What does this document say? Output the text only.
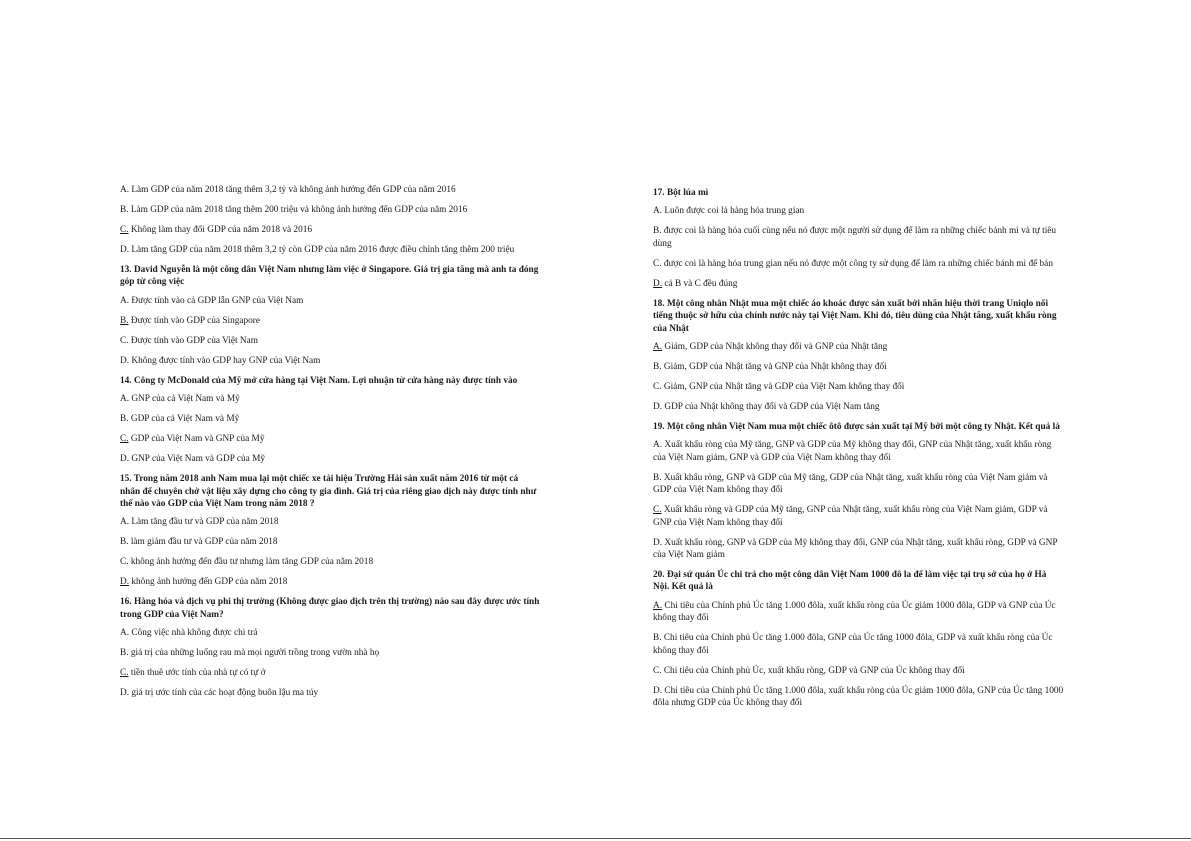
A. Làm GDP của năm 2018 tăng thêm 3,2 tỷ và không ảnh hưởng đến GDP của năm 2016

B. Làm GDP của năm 2018 tăng thêm 200 triệu và không ảnh hưởng đến GDP của năm 2016

C. Không làm thay đổi GDP của năm 2018 và 2016

D. Làm tăng GDP của năm 2018 thêm 3,2 tỷ còn GDP của năm 2016 được điều chỉnh tăng thêm 200 triệu

13. David Nguyễn là một công dân Việt Nam nhưng làm việc ở Singapore. Giá trị gia tăng mà anh ta đóng góp từ công việc

A. Được tính vào cả GDP lẫn GNP của Việt Nam

B. Được tính vào GDP của Singapore

C. Được tính vào GDP của Việt Nam

D. Không được tính vào GDP hay GNP của Việt Nam

14. Công ty McDonald của Mỹ mở cửa hàng tại Việt Nam. Lợi nhuận từ cửa hàng này được tính vào

A. GNP của cả Việt Nam và Mỹ

B. GDP của cả Việt Nam và Mỹ

C. GDP của Việt Nam và GNP của Mỹ

D. GNP của Việt Nam và GDP của Mỹ

15. Trong năm 2018 anh Nam mua lại một chiếc xe tải hiệu Trường Hải sản xuất năm 2016 từ một cá nhân để chuyên chở vật liệu xây dựng cho công ty gia đình. Giá trị của riêng giao dịch này được tính như thế nào vào GDP của Việt Nam trong năm 2018 ?

A. Làm tăng đầu tư và GDP của năm 2018

B. làm giảm đầu tư và GDP của năm 2018

C. không ảnh hưởng đến đầu tư nhưng làm tăng GDP của năm 2018

D. không ảnh hưởng đến GDP của năm 2018

16. Hàng hóa và dịch vụ phi thị trường (Không được giao dịch trên thị trường) nào sau đây được ước tính trong GDP của Việt Nam?

A. Công việc nhà không được chi trả

B. giá trị của những luống rau mà mọi người trồng trong vườn nhà họ

C. tiền thuê ước tính của nhà tự có tự ở

D. giá trị ước tính của các hoạt động buôn lậu ma túy

17. Bột lúa mì

A. Luôn được coi là hàng hóa trung gian

B. được coi là hàng hóa cuối cùng nếu nó được một người sử dụng để làm ra những chiếc bánh mì và tự tiêu dùng

C. được coi là hàng hóa trung gian nếu nó được một công ty sử dụng để làm ra những chiếc bánh mì để bán

D. cả B và C đều đúng

18. Một công nhân Nhật mua một chiếc áo khoác được sản xuất bởi nhãn hiệu thời trang Uniqlo nổi tiếng thuộc sở hữu của chính nước này tại Việt Nam. Khi đó, tiêu dùng của Nhật tăng, xuất khẩu ròng của Nhật

A. Giảm, GDP của Nhật không thay đổi và GNP của Nhật tăng

B. Giảm, GDP của Nhật tăng và GNP của Nhật không thay đổi

C. Giảm, GNP của Nhật tăng và GDP của Việt Nam không thay đổi

D. GDP của Nhật không thay đổi và GDP của Việt Nam tăng

19. Một công nhân Việt Nam mua một chiếc ôtô được sản xuất tại Mỹ bởi một công ty Nhật. Kết quả là

A. Xuất khẩu ròng của Mỹ tăng, GNP và GDP của Mỹ không thay đổi, GNP của Nhật tăng, xuất khẩu ròng của Việt Nam giảm, GNP và GDP của Việt Nam không thay đổi

B. Xuất khẩu ròng, GNP và GDP của Mỹ tăng, GDP của Nhật tăng, xuất khẩu ròng của Việt Nam giảm và GDP của Việt Nam không thay đổi

C. Xuất khẩu ròng và GDP của Mỹ tăng, GNP của Nhật tăng, xuất khẩu ròng của Việt Nam giảm, GDP và GNP của Việt Nam không thay đổi

D. Xuất khẩu ròng, GNP và GDP của Mỹ không thay đổi, GNP của Nhật tăng, xuất khẩu ròng, GDP và GNP của Việt Nam giảm

20. Đại sứ quán Úc chi trả cho một công dân Việt Nam 1000 đô la để làm việc tại trụ sở của họ ở Hà Nội. Kết quả là

A. Chi tiêu của Chính phủ Úc tăng 1.000 đôla, xuất khẩu ròng của Úc giảm 1000 đôla, GDP và GNP của Úc không thay đổi

B. Chi tiêu của Chính phủ Úc tăng 1.000 đôla, GNP của Úc tăng 1000 đôla, GDP và xuất khẩu ròng của Úc không thay đổi

C. Chi tiêu của Chính phủ Úc, xuất khẩu ròng, GDP và GNP của Úc không thay đổi

D. Chi tiêu của Chính phủ Úc tăng 1.000 đôla, xuất khẩu ròng của Úc giảm 1000 đôla, GNP của Úc tăng 1000 đôla nhưng GDP của Úc không thay đổi
